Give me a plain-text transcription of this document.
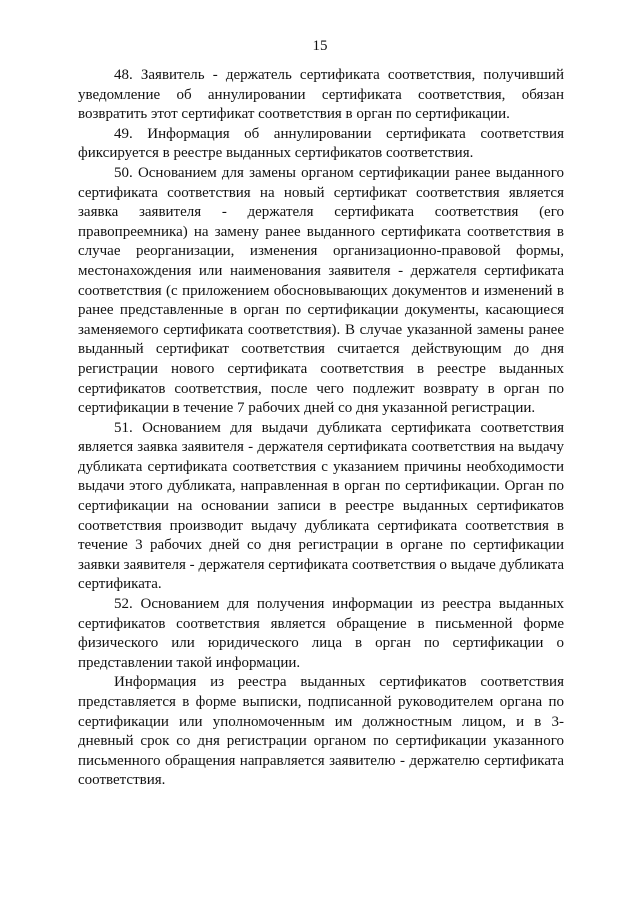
15

48. Заявитель - держатель сертификата соответствия, получивший уведомление об аннулировании сертификата соответствия, обязан возвратить этот сертификат соответствия в орган по сертификации.

49. Информация об аннулировании сертификата соответствия фиксируется в реестре выданных сертификатов соответствия.

50. Основанием для замены органом сертификации ранее выданного сертификата соответствия на новый сертификат соответствия является заявка заявителя - держателя сертификата соответствия (его правопреемника) на замену ранее выданного сертификата соответствия в случае реорганизации, изменения организационно-правовой формы, местонахождения или наименования заявителя - держателя сертификата соответствия (с приложением обосновывающих документов и изменений в ранее представленные в орган по сертификации документы, касающиеся заменяемого сертификата соответствия). В случае указанной замены ранее выданный сертификат соответствия считается действующим до дня регистрации нового сертификата соответствия в реестре выданных сертификатов соответствия, после чего подлежит возврату в орган по сертификации в течение 7 рабочих дней со дня указанной регистрации.

51. Основанием для выдачи дубликата сертификата соответствия является заявка заявителя - держателя сертификата соответствия на выдачу дубликата сертификата соответствия с указанием причины необходимости выдачи этого дубликата, направленная в орган по сертификации. Орган по сертификации на основании записи в реестре выданных сертификатов соответствия производит выдачу дубликата сертификата соответствия в течение 3 рабочих дней со дня регистрации в органе по сертификации заявки заявителя - держателя сертификата соответствия о выдаче дубликата сертификата.

52. Основанием для получения информации из реестра выданных сертификатов соответствия является обращение в письменной форме физического или юридического лица в орган по сертификации о представлении такой информации.

Информация из реестра выданных сертификатов соответствия представляется в форме выписки, подписанной руководителем органа по сертификации или уполномоченным им должностным лицом, и в 3-дневный срок со дня регистрации органом по сертификации указанного письменного обращения направляется заявителю - держателю сертификата соответствия.
